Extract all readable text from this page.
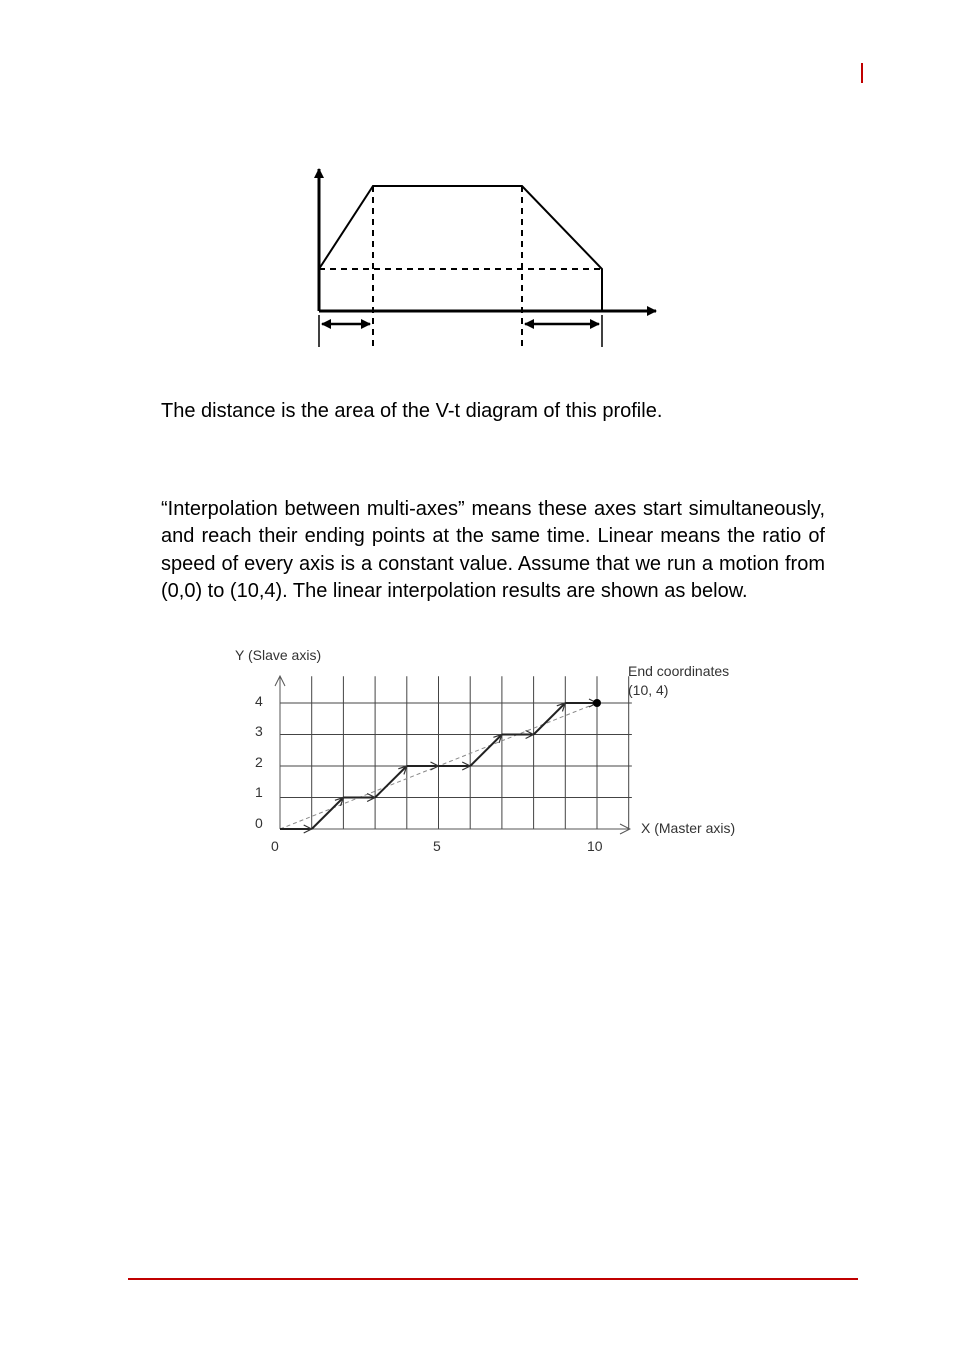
The distance is the area of the V-t diagram of this profile.
“Interpolation between multi-axes” means these axes start simultaneously, and reach their ending points at the same time. Linear means the ratio of speed of every axis is a constant value. Assume that we run a motion from (0,0) to (10,4). The linear interpolation results are shown as below.
Y (Slave axis)
X (Master axis)
End coordinates
(10, 4)
4
3
2
1
0
0	5	10
